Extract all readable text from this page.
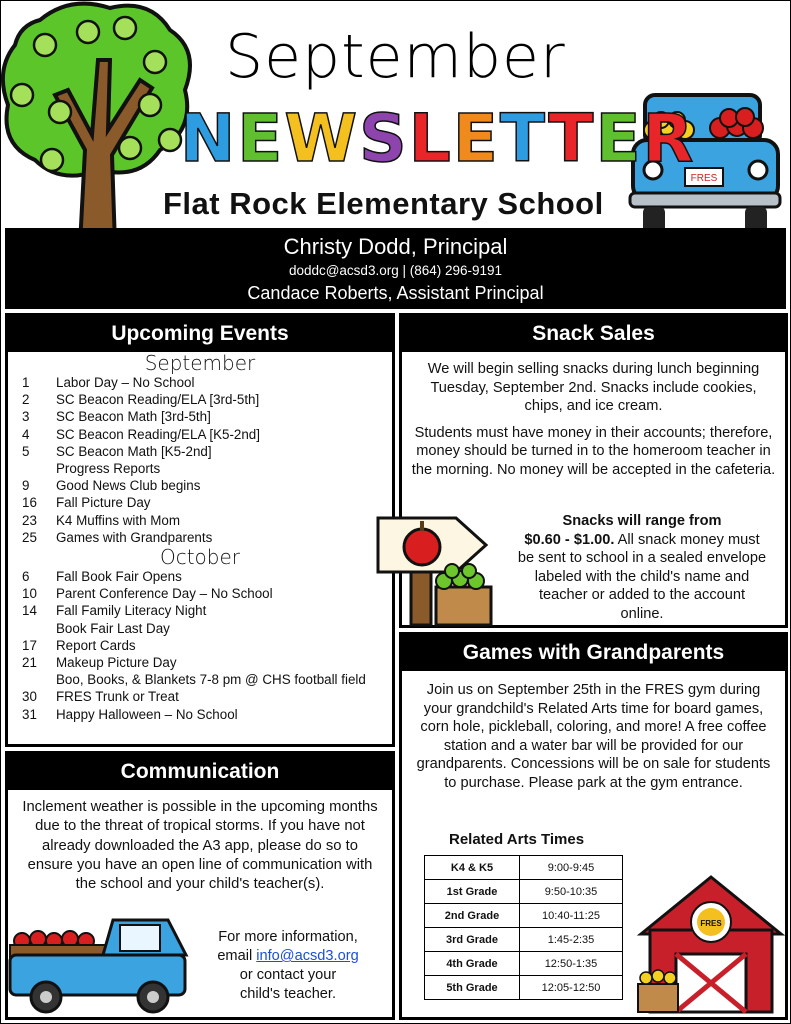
FRES
September
NEWSLETTER
Flat Rock Elementary School
Christy Dodd, Principal
doddc@acsd3.org | (864) 296-9191
Candace Roberts, Assistant Principal
Upcoming Events
September
1	Labor Day – No School
2	SC Beacon Reading/ELA [3rd-5th]
3	SC Beacon Math [3rd-5th]
4	SC Beacon Reading/ELA [K5-2nd]
5	SC Beacon Math [K5-2nd]
Progress Reports
9	Good News Club begins
16	Fall Picture Day
23	K4 Muffins with Mom
25	Games with Grandparents
October
6	Fall Book Fair Opens
10	Parent Conference Day – No School
14	Fall Family Literacy Night
Book Fair Last Day
17	Report Cards
21	Makeup Picture Day
Boo, Books, & Blankets 7-8 pm @ CHS football field
30	FRES Trunk or Treat
31	Happy Halloween – No School
Snack Sales
We will begin selling snacks during lunch beginning Tuesday, September 2nd. Snacks include cookies, chips, and ice cream.
Students must have money in their accounts; therefore, money should be turned in to the homeroom teacher in the morning. No money will be accepted in the cafeteria.
Snacks will range from
$0.60 - $1.00. All snack money must be sent to school in a sealed envelope labeled with the child's name and teacher or added to the account online.
Games with Grandparents
Join us on September 25th in the FRES gym during your grandchild's Related Arts time for board games, corn hole, pickleball, coloring, and more! A free coffee station and a water bar will be provided for our grandparents. Concessions will be on sale for students to purchase. Please park at the gym entrance.
Related Arts Times
K4 & K5	9:00-9:45
1st Grade	9:50-10:35
2nd Grade	10:40-11:25
3rd Grade	1:45-2:35
4th Grade	12:50-1:35
5th Grade	12:05-12:50
FRES
Communication
Inclement weather is possible in the upcoming months due to the threat of tropical storms. If you have not already downloaded the A3 app, please do so to ensure you have an open line of communication with the school and your child's teacher(s).
For more information,
email info@acsd3.org
or contact your
child's teacher.
